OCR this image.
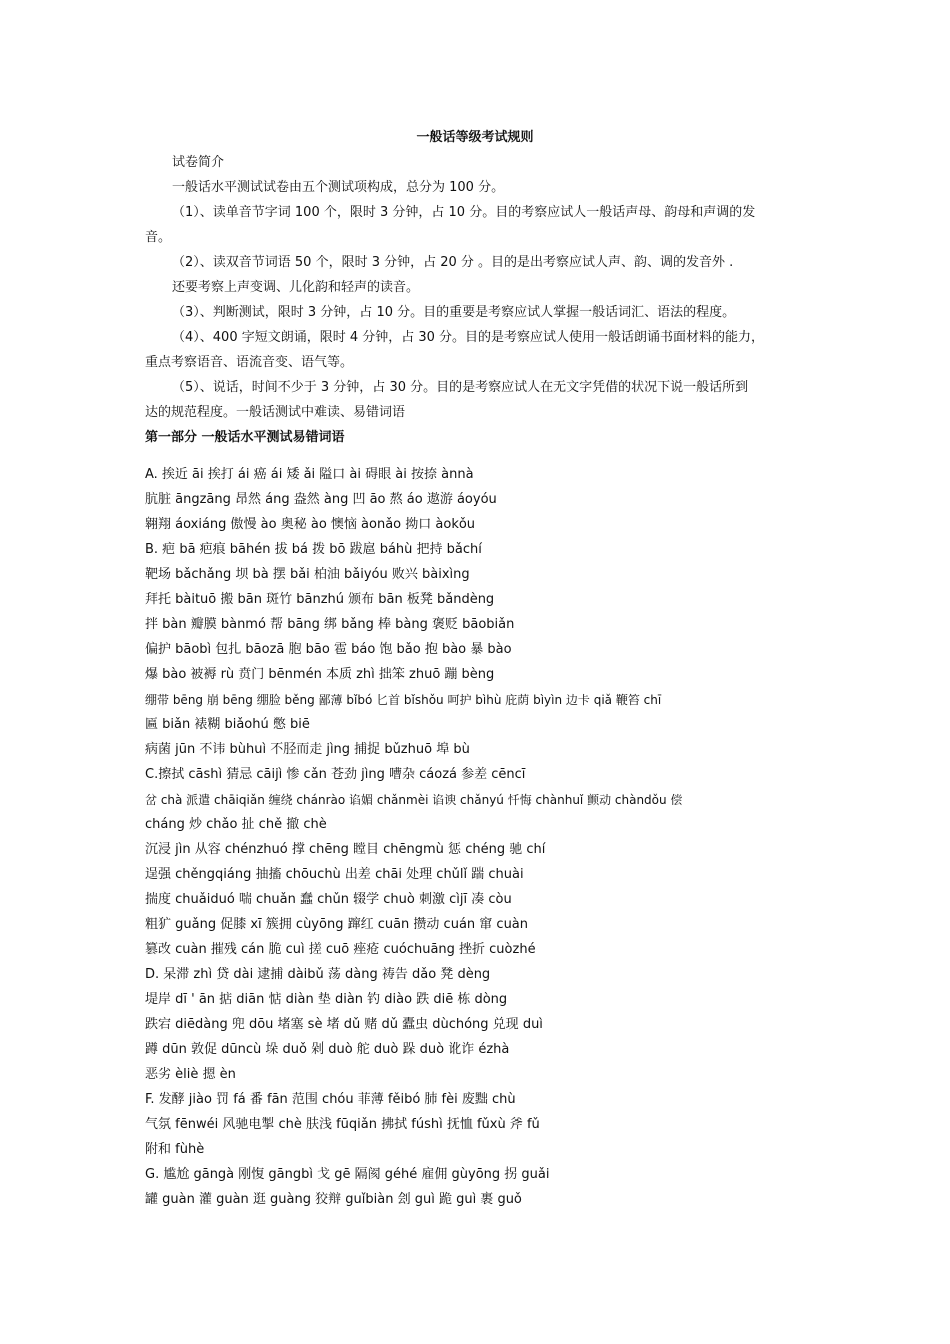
一般话等级考试规则
试卷简介
一般话水平测试试卷由五个测试项构成，总分为 100 分。
（1）、读单音节字词 100 个，限时 3 分钟，占 10 分。目的考察应试人一般话声母、韵母和声调的发
音。
（2）、读双音节词语 50 个，限时 3 分钟，占 20 分 。目的是出考察应试人声、韵、调的发音外 .
还要考察上声变调、儿化韵和轻声的读音。
（3）、判断测试，限时 3 分钟，占 10 分。目的重要是考察应试人掌握一般话词汇、语法的程度。
（4）、400 字短文朗诵，限时 4 分钟，占 30 分。目的是考察应试人使用一般话朗诵书面材料的能力，
重点考察语音、语流音变、语气等。
（5）、说话，时间不少于 3 分钟，占 30 分。目的是考察应试人在无文字凭借的状况下说一般话所到
达的规范程度。一般话测试中难读、易错词语
第一部分 一般话水平测试易错词语
A. 挨近 āi 挨打 ái 癌 ái 矮 ǎi 隘口 ài 碍眼 ài 按捺 ànnà
肮脏 āngzāng 昂然 áng 盎然 àng 凹 āo 熬 áo 遨游 áoyóu
翱翔 áoxiáng 傲慢 ào 奥秘 ào 懊恼 àonǎo 拗口 àokǒu
B. 疤 bā 疤痕 bāhén 拔 bá 拨 bō 跋扈 báhù 把持 bǎchí
靶场 bǎchǎng 坝 bà 摆 bǎi 柏油 bǎiyóu 败兴 bàixìng
拜托 bàituō 搬 bān 斑竹 bānzhú 颁布 bān 板凳 bǎndèng
拌 bàn 瓣膜 bànmó 帮 bāng 绑 bǎng 棒 bàng 褒贬 bāobiǎn
偏护 bāobì 包扎 bāozā 胞 bāo 雹 báo 饱 bǎo 抱 bào 暴 bào
爆 bào 被褥 rù 贲门 bēnmén 本质 zhì 拙笨 zhuō 蹦 bèng
绷带 bēng 崩 bēng 绷脸 běng 鄙薄 bǐbó 匕首 bǐshǒu 呵护 bìhù 庇荫 bìyìn 边卡 qiǎ 鞭笞 chī
匾 biǎn 裱糊 biǎohú 憋 biē
病菌 jūn 不讳 bùhuì 不胫而走 jìng 捕捉 bǔzhuō 埠 bù
C.擦拭 cāshì 猜忌 cāijì 惨 cǎn 苍劲 jìng 嘈杂 cáozá 参差 cēncī
岔 chà 派遣 chāiqiǎn 缠绕 chánrào 谄媚 chǎnmèi 谄谀 chǎnyú 忏悔 chànhuǐ 颤动 chàndǒu 偿
cháng 炒 chǎo 扯 chě 撤 chè
沉浸 jìn 从容 chénzhuó 撑 chēng 瞠目 chēngmù 惩 chéng 驰 chí
逞强 chěngqiáng 抽搐 chōuchù 出差 chāi 处理 chǔlǐ 踹 chuài
揣度 chuǎiduó 喘 chuǎn 蠢 chǔn 辍学 chuò 刺激 cìjī 凑 còu
粗犷 guǎng 促膝 xī 簇拥 cùyōng 蹿红 cuān 攒动 cuán 窜 cuàn
篡改 cuàn 摧残 cán 脆 cuì 搓 cuō 痤疮 cuóchuāng 挫折 cuòzhé
D. 呆滞 zhì 贷 dài 逮捕 dàibǔ 荡 dàng 祷告 dǎo 凳 dèng
堤岸 dī ' ān 掂 diān 惦 diàn 垫 diàn 钓 diào 跌 diē 栋 dòng
跌宕 diēdàng 兜 dōu 堵塞 sè 堵 dǔ 赌 dǔ 蠹虫 dùchóng 兑现 duì
蹲 dūn 敦促 dūncù 垛 duǒ 剁 duò 舵 duò 跺 duò 讹诈 ézhà
恶劣 èliè 摁 èn
F. 发酵 jiào 罚 fá 番 fān 范围 chóu 菲薄 fěibó 肺 fèi 废黜 chù
气氛 fēnwéi 风驰电掣 chè 肤浅 fūqiǎn 拂拭 fúshì 抚恤 fǔxù 斧 fǔ
附和 fùhè
G. 尴尬 gāngà 刚愎 gāngbì 戈 gē 隔阂 géhé 雇佣 gùyōng 拐 guǎi
罐 guàn 灌 guàn 逛 guàng 狡辩 guǐbiàn 刽 guì 跪 guì 裹 guǒ
